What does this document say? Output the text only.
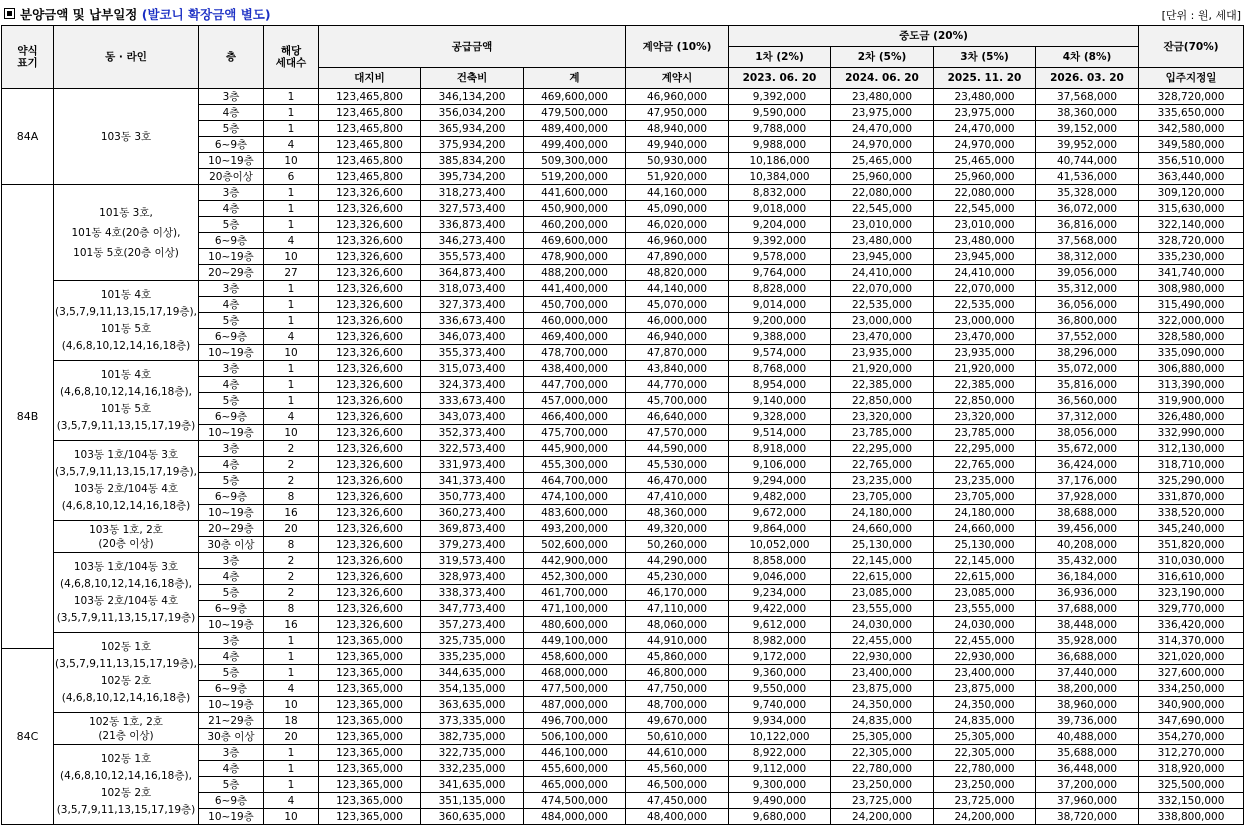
분양금액 및 납부일정 (발코니 확장금액 별도)	[단위 : 원, 세대]
약식
표기	동 · 라인	층	해당
세대수	공급금액			계약금 (10%)	중도금 (20%)				잔금(70%)
								1차 (2%)	2차 (5%)	3차 (5%)	4차 (8%)	
				대지비	건축비	계	계약시	2023. 06. 20	2024. 06. 20	2025. 11. 20	2026. 03. 20	입주지정일
84A	103동 3호	3층	1	123,465,800	346,134,200	469,600,000	46,960,000	9,392,000	23,480,000	23,480,000	37,568,000	328,720,000
		4층	1	123,465,800	356,034,200	479,500,000	47,950,000	9,590,000	23,975,000	23,975,000	38,360,000	335,650,000
		5층	1	123,465,800	365,934,200	489,400,000	48,940,000	9,788,000	24,470,000	24,470,000	39,152,000	342,580,000
		6~9층	4	123,465,800	375,934,200	499,400,000	49,940,000	9,988,000	24,970,000	24,970,000	39,952,000	349,580,000
		10~19층	10	123,465,800	385,834,200	509,300,000	50,930,000	10,186,000	25,465,000	25,465,000	40,744,000	356,510,000
		20층이상	6	123,465,800	395,734,200	519,200,000	51,920,000	10,384,000	25,960,000	25,960,000	41,536,000	363,440,000
84B	101동 3호,
101동 4호(20층 이상),
101동 5호(20층 이상)	3층	1	123,326,600	318,273,400	441,600,000	44,160,000	8,832,000	22,080,000	22,080,000	35,328,000	309,120,000
		4층	1	123,326,600	327,573,400	450,900,000	45,090,000	9,018,000	22,545,000	22,545,000	36,072,000	315,630,000
		5층	1	123,326,600	336,873,400	460,200,000	46,020,000	9,204,000	23,010,000	23,010,000	36,816,000	322,140,000
		6~9층	4	123,326,600	346,273,400	469,600,000	46,960,000	9,392,000	23,480,000	23,480,000	37,568,000	328,720,000
		10~19층	10	123,326,600	355,573,400	478,900,000	47,890,000	9,578,000	23,945,000	23,945,000	38,312,000	335,230,000
		20~29층	27	123,326,600	364,873,400	488,200,000	48,820,000	9,764,000	24,410,000	24,410,000	39,056,000	341,740,000
	101동 4호
(3,5,7,9,11,13,15,17,19층),
101동 5호
(4,6,8,10,12,14,16,18층)	3층	1	123,326,600	318,073,400	441,400,000	44,140,000	8,828,000	22,070,000	22,070,000	35,312,000	308,980,000
		4층	1	123,326,600	327,373,400	450,700,000	45,070,000	9,014,000	22,535,000	22,535,000	36,056,000	315,490,000
		5층	1	123,326,600	336,673,400	460,000,000	46,000,000	9,200,000	23,000,000	23,000,000	36,800,000	322,000,000
		6~9층	4	123,326,600	346,073,400	469,400,000	46,940,000	9,388,000	23,470,000	23,470,000	37,552,000	328,580,000
		10~19층	10	123,326,600	355,373,400	478,700,000	47,870,000	9,574,000	23,935,000	23,935,000	38,296,000	335,090,000
	101동 4호
(4,6,8,10,12,14,16,18층),
101동 5호
(3,5,7,9,11,13,15,17,19층)	3층	1	123,326,600	315,073,400	438,400,000	43,840,000	8,768,000	21,920,000	21,920,000	35,072,000	306,880,000
		4층	1	123,326,600	324,373,400	447,700,000	44,770,000	8,954,000	22,385,000	22,385,000	35,816,000	313,390,000
		5층	1	123,326,600	333,673,400	457,000,000	45,700,000	9,140,000	22,850,000	22,850,000	36,560,000	319,900,000
		6~9층	4	123,326,600	343,073,400	466,400,000	46,640,000	9,328,000	23,320,000	23,320,000	37,312,000	326,480,000
		10~19층	10	123,326,600	352,373,400	475,700,000	47,570,000	9,514,000	23,785,000	23,785,000	38,056,000	332,990,000
	103동 1호/104동 3호
(3,5,7,9,11,13,15,17,19층),
103동 2호/104동 4호
(4,6,8,10,12,14,16,18층)	3층	2	123,326,600	322,573,400	445,900,000	44,590,000	8,918,000	22,295,000	22,295,000	35,672,000	312,130,000
		4층	2	123,326,600	331,973,400	455,300,000	45,530,000	9,106,000	22,765,000	22,765,000	36,424,000	318,710,000
		5층	2	123,326,600	341,373,400	464,700,000	46,470,000	9,294,000	23,235,000	23,235,000	37,176,000	325,290,000
		6~9층	8	123,326,600	350,773,400	474,100,000	47,410,000	9,482,000	23,705,000	23,705,000	37,928,000	331,870,000
		10~19층	16	123,326,600	360,273,400	483,600,000	48,360,000	9,672,000	24,180,000	24,180,000	38,688,000	338,520,000
	103동 1호, 2호
(20층 이상)	20~29층	20	123,326,600	369,873,400	493,200,000	49,320,000	9,864,000	24,660,000	24,660,000	39,456,000	345,240,000
		30층 이상	8	123,326,600	379,273,400	502,600,000	50,260,000	10,052,000	25,130,000	25,130,000	40,208,000	351,820,000
	103동 1호/104동 3호
(4,6,8,10,12,14,16,18층),
103동 2호/104동 4호
(3,5,7,9,11,13,15,17,19층)	3층	2	123,326,600	319,573,400	442,900,000	44,290,000	8,858,000	22,145,000	22,145,000	35,432,000	310,030,000
		4층	2	123,326,600	328,973,400	452,300,000	45,230,000	9,046,000	22,615,000	22,615,000	36,184,000	316,610,000
		5층	2	123,326,600	338,373,400	461,700,000	46,170,000	9,234,000	23,085,000	23,085,000	36,936,000	323,190,000
		6~9층	8	123,326,600	347,773,400	471,100,000	47,110,000	9,422,000	23,555,000	23,555,000	37,688,000	329,770,000
		10~19층	16	123,326,600	357,273,400	480,600,000	48,060,000	9,612,000	24,030,000	24,030,000	38,448,000	336,420,000
	102동 1호
(3,5,7,9,11,13,15,17,19층),
102동 2호
(4,6,8,10,12,14,16,18층)	3층	1	123,365,000	325,735,000	449,100,000	44,910,000	8,982,000	22,455,000	22,455,000	35,928,000	314,370,000
84C		4층	1	123,365,000	335,235,000	458,600,000	45,860,000	9,172,000	22,930,000	22,930,000	36,688,000	321,020,000
		5층	1	123,365,000	344,635,000	468,000,000	46,800,000	9,360,000	23,400,000	23,400,000	37,440,000	327,600,000
		6~9층	4	123,365,000	354,135,000	477,500,000	47,750,000	9,550,000	23,875,000	23,875,000	38,200,000	334,250,000
		10~19층	10	123,365,000	363,635,000	487,000,000	48,700,000	9,740,000	24,350,000	24,350,000	38,960,000	340,900,000
	102동 1호, 2호
(21층 이상)	21~29층	18	123,365,000	373,335,000	496,700,000	49,670,000	9,934,000	24,835,000	24,835,000	39,736,000	347,690,000
		30층 이상	20	123,365,000	382,735,000	506,100,000	50,610,000	10,122,000	25,305,000	25,305,000	40,488,000	354,270,000
	102동 1호
(4,6,8,10,12,14,16,18층),
102동 2호
(3,5,7,9,11,13,15,17,19층)	3층	1	123,365,000	322,735,000	446,100,000	44,610,000	8,922,000	22,305,000	22,305,000	35,688,000	312,270,000
		4층	1	123,365,000	332,235,000	455,600,000	45,560,000	9,112,000	22,780,000	22,780,000	36,448,000	318,920,000
		5층	1	123,365,000	341,635,000	465,000,000	46,500,000	9,300,000	23,250,000	23,250,000	37,200,000	325,500,000
		6~9층	4	123,365,000	351,135,000	474,500,000	47,450,000	9,490,000	23,725,000	23,725,000	37,960,000	332,150,000
		10~19층	10	123,365,000	360,635,000	484,000,000	48,400,000	9,680,000	24,200,000	24,200,000	38,720,000	338,800,000
